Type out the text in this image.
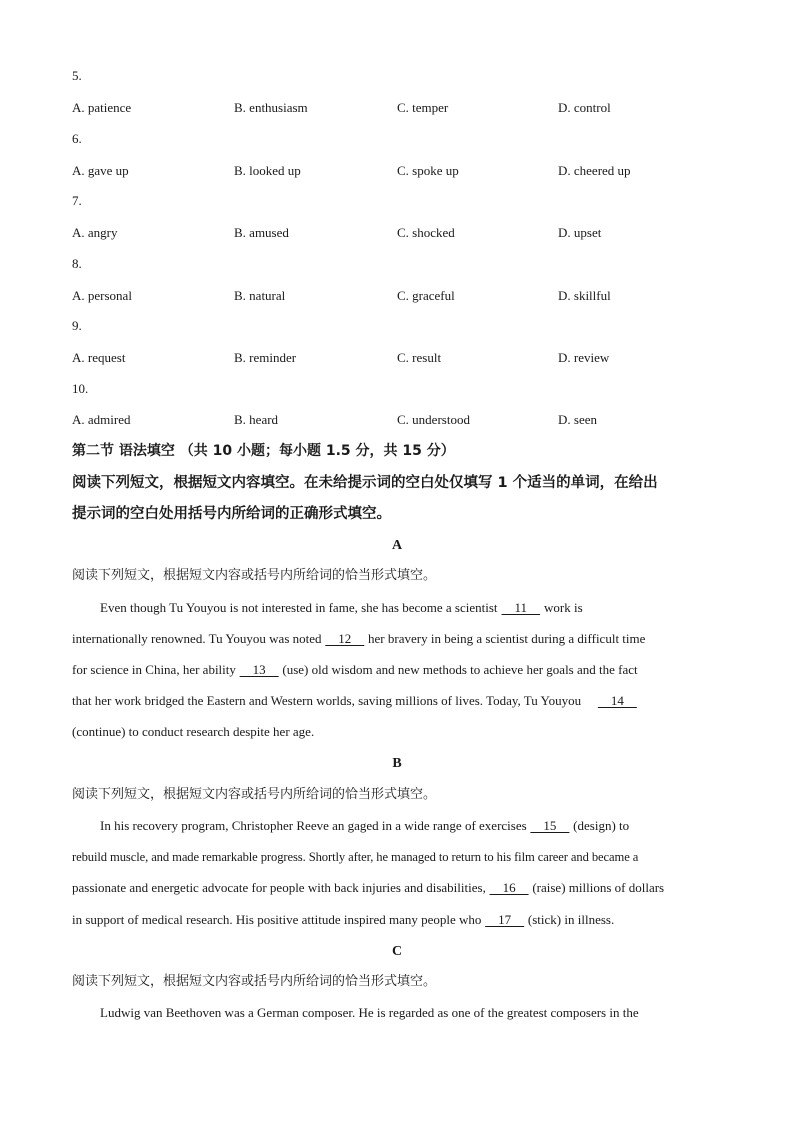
5.
A. patience	B. enthusiasm	C. temper	D. control
6.
A. gave up	B. looked up	C. spoke up	D. cheered up
7.
A. angry	B. amused	C. shocked	D. upset
8.
A. personal	B. natural	C. graceful	D. skillful
9.
A. request	B. reminder	C. result	D. review
10.
A. admired	B. heard	C. understood	D. seen
第二节 语法填空 （共 10 小题；每小题 1.5 分，共 15 分）
阅读下列短文，根据短文内容填空。在未给提示词的空白处仅填写 1 个适当的单词，在给出
提示词的空白处用括号内所给词的正确形式填空。
A
阅读下列短文，根据短文内容或括号内所给词的恰当形式填空。
Even though Tu Youyou is not interested in fame, she has become a scientist     11     work is
internationally renowned. Tu Youyou was noted     12     her bravery in being a scientist during a difficult time
for science in China, her ability     13     (use) old wisdom and new methods to achieve her goals and the fact
that her work bridged the Eastern and Western worlds, saving millions of lives. Today, Tu Youyou     14
(continue) to conduct research despite her age.
B
阅读下列短文，根据短文内容或括号内所给词的恰当形式填空。
In his recovery program, Christopher Reeve an gaged in a wide range of exercises     15     (design) to
rebuild muscle, and made remarkable progress. Shortly after, he managed to return to his film career and became a
passionate and energetic advocate for people with back injuries and disabilities,     16     (raise) millions of dollars
in support of medical research. His positive attitude inspired many people who     17     (stick) in illness.
C
阅读下列短文，根据短文内容或括号内所给词的恰当形式填空。
Ludwig van Beethoven was a German composer. He is regarded as one of the greatest composers in the
